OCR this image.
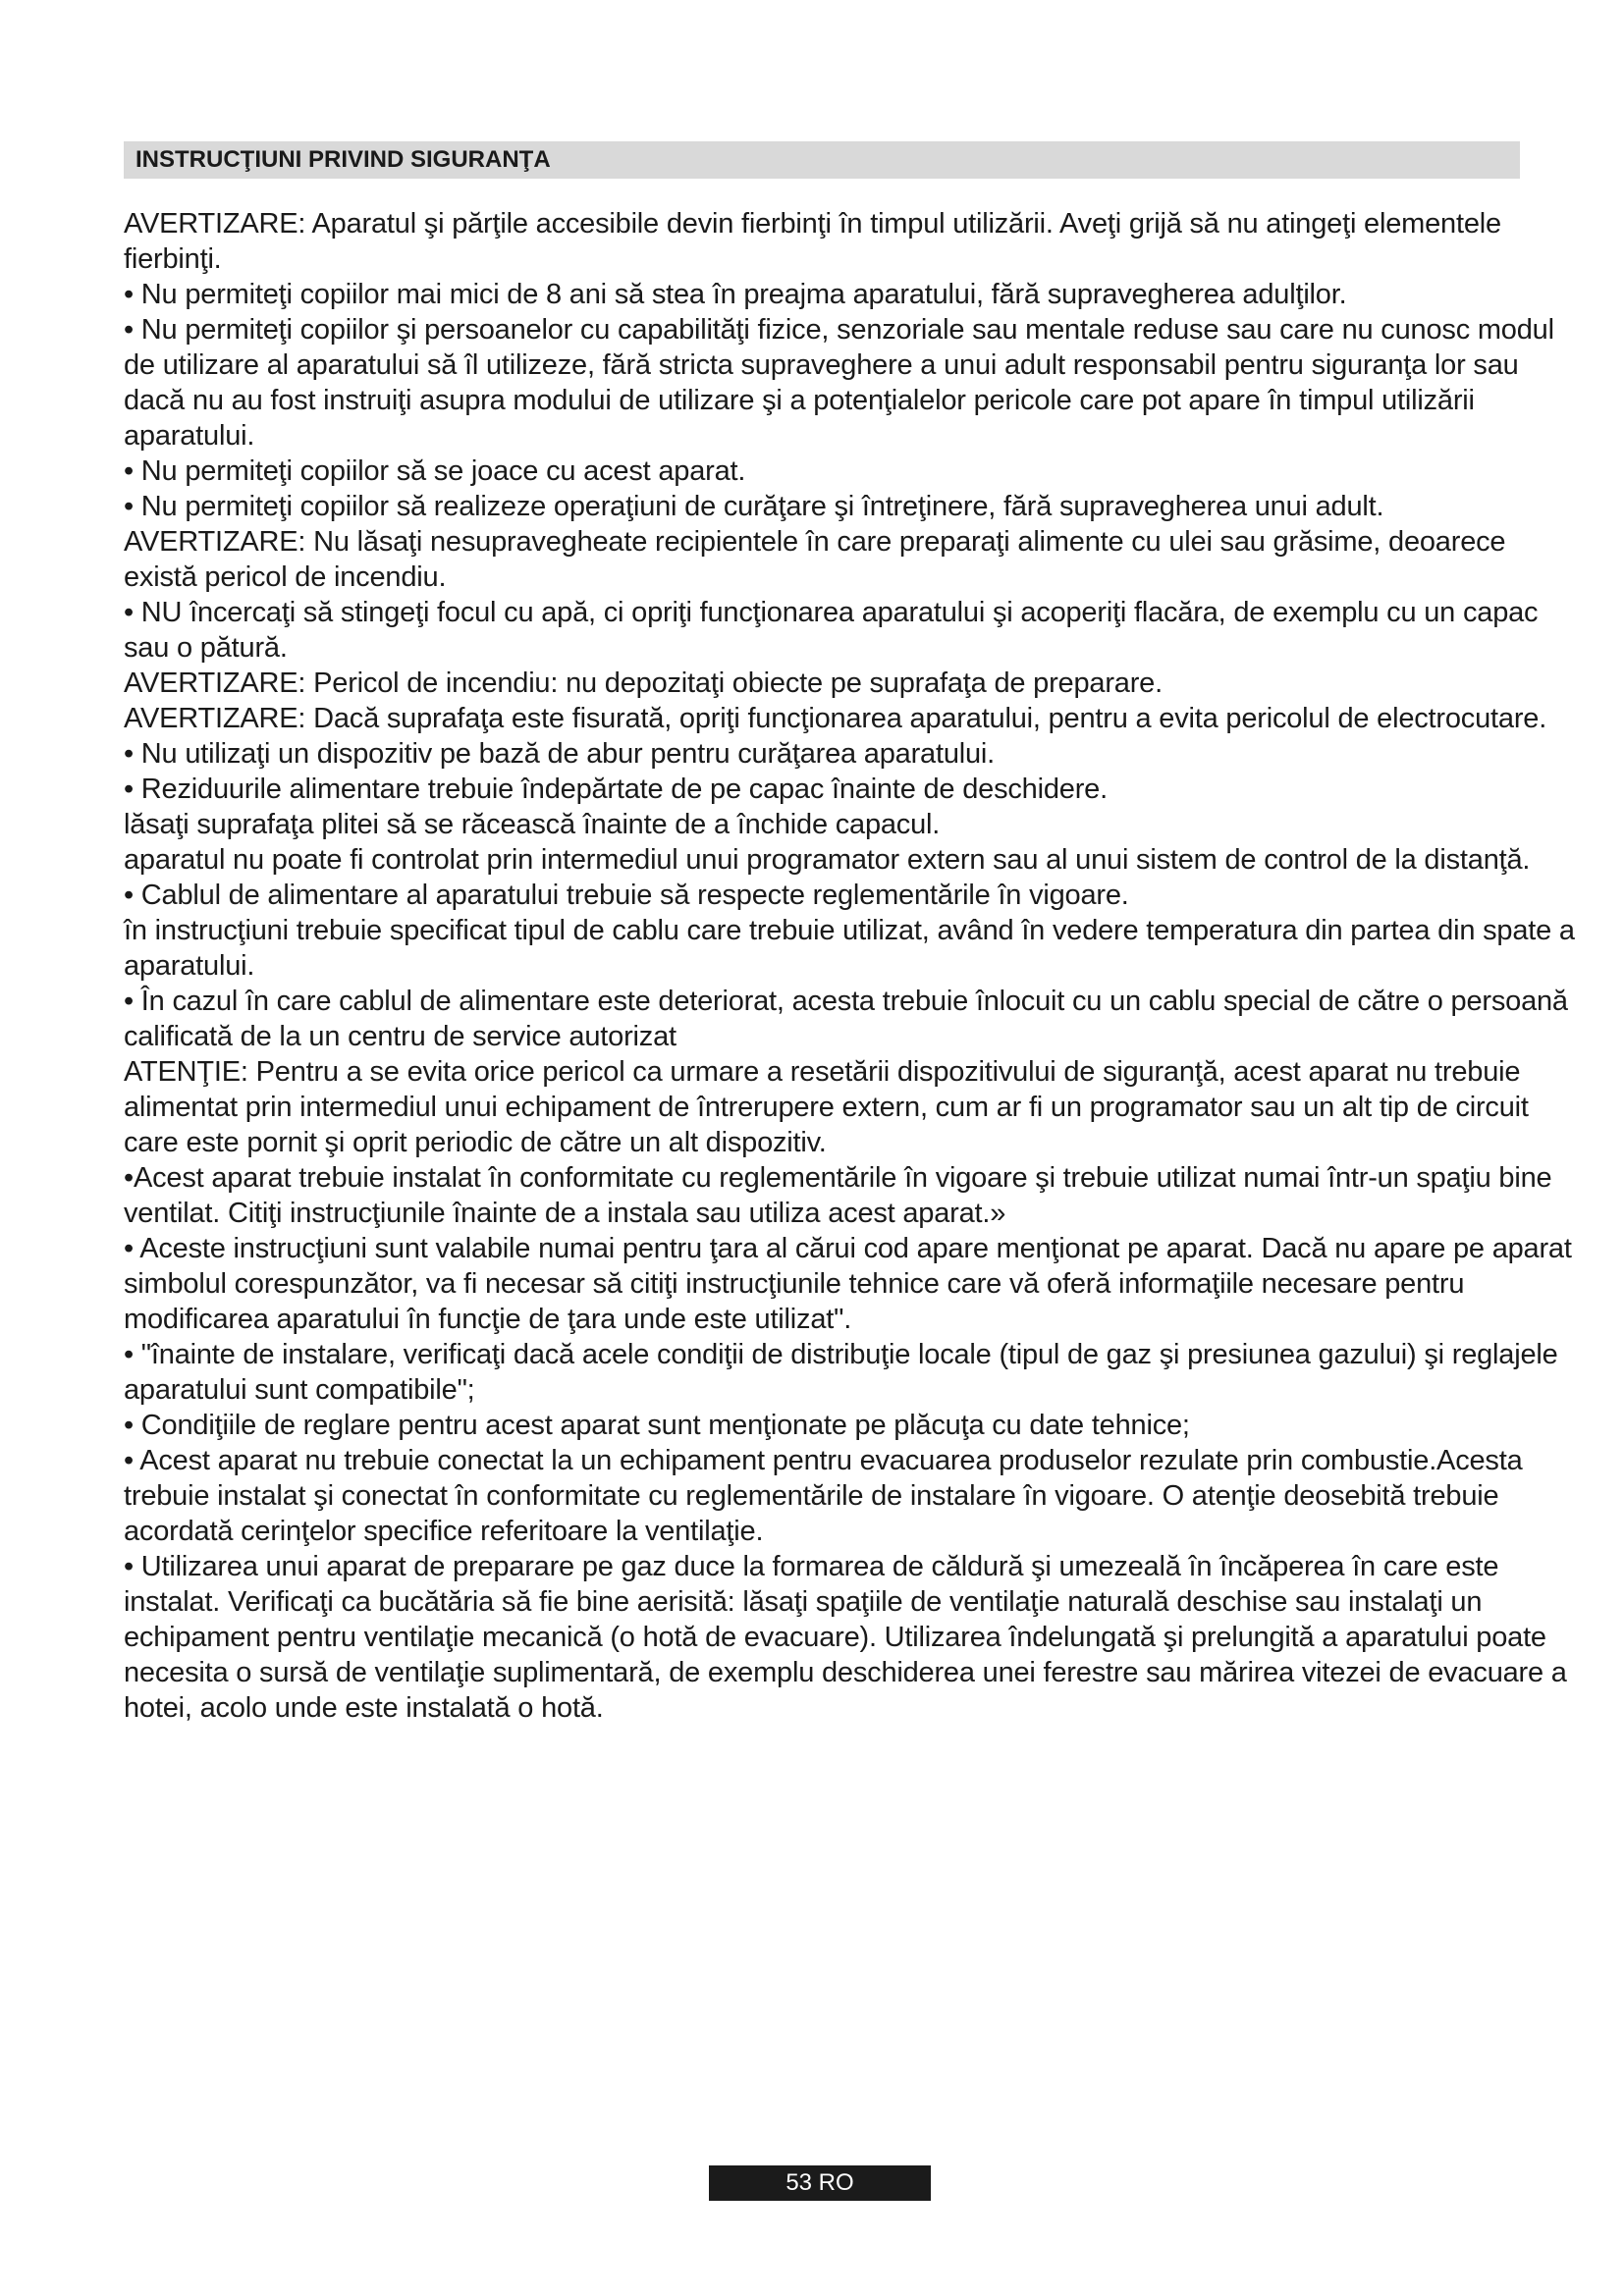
INSTRUCŢIUNI PRIVIND SIGURANŢA

AVERTIZARE: Aparatul şi părţile accesibile devin fierbinţi în timpul utilizării. Aveţi grijă să nu atingeţi elementele fierbinţi.

• Nu permiteţi copiilor mai mici de 8 ani să stea în preajma aparatului, fără supravegherea adulţilor.

• Nu permiteţi copiilor şi persoanelor cu capabilităţi fizice, senzoriale sau mentale reduse sau care nu cunosc modul de utilizare al aparatului să îl utilizeze, fără stricta supraveghere a unui adult responsabil pentru siguranţa lor sau dacă nu au fost instruiţi asupra modului de utilizare şi a potenţialelor pericole care pot apare în timpul utilizării aparatului.

• Nu permiteţi copiilor să se joace cu acest aparat.

• Nu permiteţi copiilor să realizeze operaţiuni de curăţare şi întreţinere, fără supravegherea unui adult.

AVERTIZARE: Nu lăsaţi nesupravegheate recipientele în care preparaţi alimente cu ulei sau grăsime, deoarece există pericol de incendiu.

• NU încercaţi să stingeţi focul cu apă, ci opriţi funcţionarea aparatului şi acoperiţi flacăra, de exemplu cu un capac sau o pătură.

AVERTIZARE: Pericol de incendiu: nu depozitaţi obiecte pe suprafaţa de preparare.

AVERTIZARE: Dacă suprafaţa este fisurată, opriţi funcţionarea aparatului, pentru a evita pericolul de electrocutare.

• Nu utilizaţi un dispozitiv pe bază de abur pentru curăţarea aparatului.

• Reziduurile alimentare trebuie îndepărtate de pe capac înainte de deschidere.

lăsaţi suprafaţa plitei să se răcească înainte de a închide capacul.

aparatul nu poate fi controlat prin intermediul unui programator extern sau al unui sistem de control de la distanţă.

• Cablul de alimentare al aparatului trebuie să respecte reglementările în vigoare.

în instrucţiuni trebuie specificat tipul de cablu care trebuie utilizat, având în vedere temperatura din partea din spate a aparatului.

• În cazul în care cablul de alimentare este deteriorat, acesta trebuie înlocuit cu un cablu special de către o persoană calificată de la un centru de service autorizat

ATENŢIE: Pentru a se evita orice pericol ca urmare a resetării dispozitivului de siguranţă, acest aparat nu trebuie alimentat prin intermediul unui echipament de întrerupere extern, cum ar fi un programator sau un alt tip de circuit care este pornit şi oprit periodic de către un alt dispozitiv.

•Acest aparat trebuie instalat în conformitate cu reglementările în vigoare şi trebuie utilizat numai într-un spaţiu bine ventilat. Citiţi instrucţiunile înainte de a instala sau utiliza acest aparat.»

• Aceste instrucţiuni sunt valabile numai pentru ţara al cărui cod apare menţionat pe aparat. Dacă nu apare pe aparat simbolul corespunzător, va fi necesar să citiţi instrucţiunile tehnice care vă oferă informaţiile necesare pentru modificarea aparatului în funcţie de ţara unde este utilizat".

• "înainte de instalare, verificaţi dacă acele condiţii de distribuţie locale (tipul de gaz şi presiunea gazului) şi reglajele aparatului sunt compatibile";

• Condiţiile de reglare pentru acest aparat sunt menţionate pe plăcuţa cu date tehnice;

• Acest aparat nu trebuie conectat la un echipament pentru evacuarea produselor rezulate prin combustie.Acesta trebuie instalat şi conectat în conformitate cu reglementările de instalare în vigoare. O atenţie deosebită trebuie acordată cerinţelor specifice referitoare la ventilaţie.

• Utilizarea unui aparat de preparare pe gaz duce la formarea de căldură şi umezeală în încăperea în care este instalat. Verificaţi ca bucătăria să fie bine aerisită: lăsaţi spaţiile de ventilaţie naturală deschise sau instalaţi un echipament pentru ventilaţie mecanică (o hotă de evacuare). Utilizarea îndelungată şi prelungită a aparatului poate necesita o sursă de ventilaţie suplimentară, de exemplu deschiderea unei ferestre sau mărirea vitezei de evacuare a hotei, acolo unde este instalată o hotă.

53 RO
